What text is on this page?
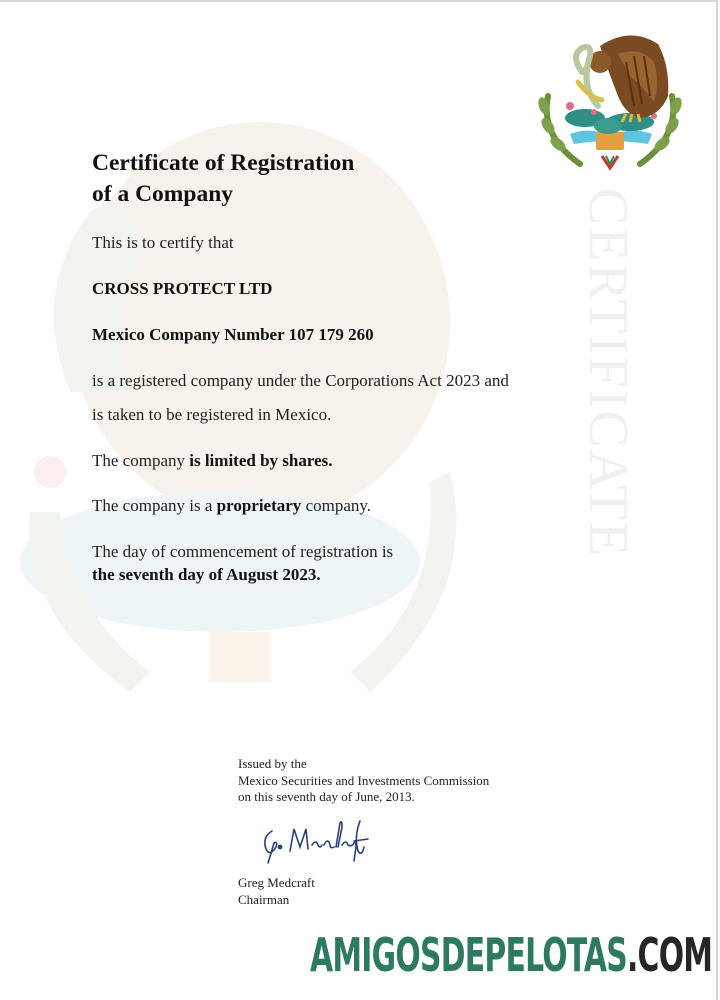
CERTIFICATE
Certificate of Registration
of a Company
This is to certify that
CROSS PROTECT LTD
Mexico Company Number 107 179 260
is a registered company under the Corporations Act 2023 and
is taken to be registered in Mexico.
The company is limited by shares.
The company is a proprietary company.
The day of commencement of registration is
the seventh day of August 2023.
Issued by the
Mexico Securities and Investments Commission
on this seventh day of June, 2013.
Greg Medcraft
Chairman
AMIGOSDEPELOTAS.COM
